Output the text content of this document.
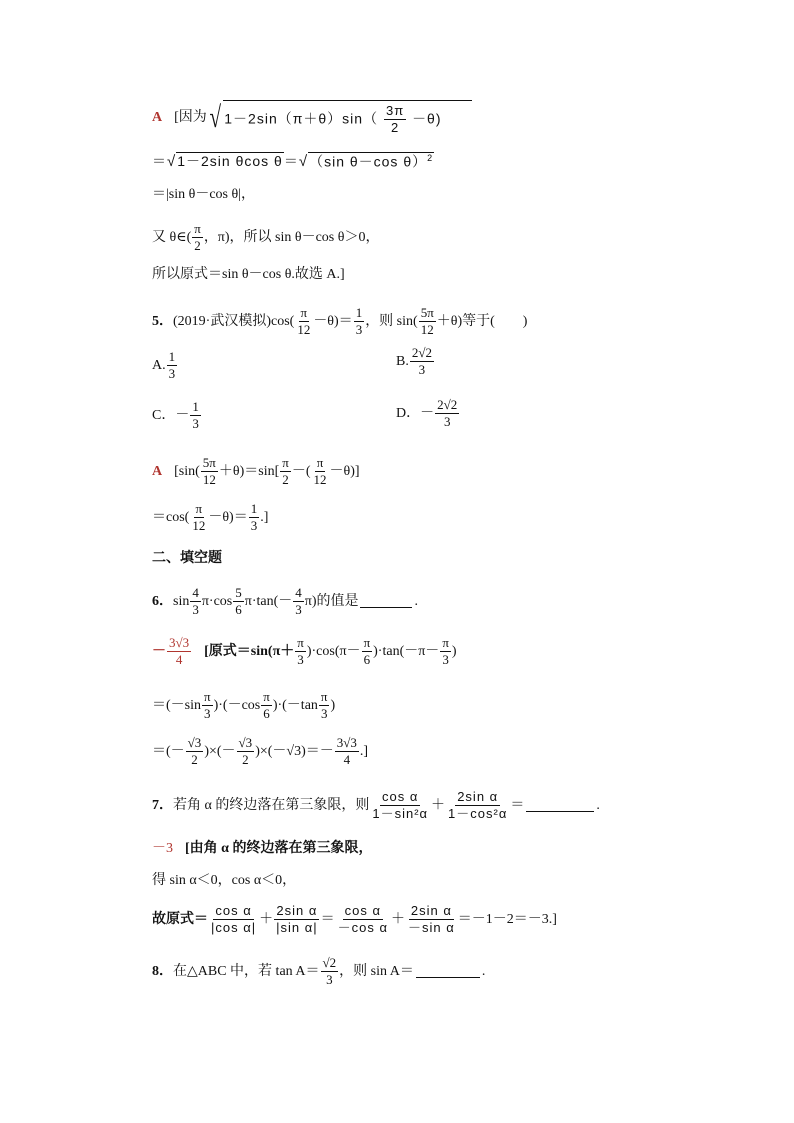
A [因为 √ $1-2\sin(\pi+\theta)\sin( \frac{3\pi}{2} -\theta)$
＝ √ 1－2sin θcos θ ＝ √ （sin θ－cos θ）$^2$
＝|sin θ－cos θ|，
又 θ∈(
π
2
，π)，所以 sin θ－cos θ＞0，
所以原式＝sin θ－cos θ.故选 A.]
5． (2019·武汉模拟)cos(
π
12
－θ)＝
1
3
，则 sin(
5π
12
＋θ)等于(　　)
A.
1
3
B.
2√2
3
C．－
1
3
D．－
2√2
3
A [sin(
5π
12
＋θ)＝sin[
π
2
－(
π
12
－θ)]
＝cos(
π
12
－θ)＝
1
3
.]
二、填空题
6． sin
4
3
π·cos
5
6
π·tan(－
4
3
π)的值是	.
－
3√3
4
[原式＝sin(π＋
π
3
)·cos(π－
π
6
)·tan(－π－
π
3
)
＝(－sin
π
3
)·(－cos
π
6
)·(－tan
π
3
)
＝(－
√3
2
)×(－
√3
2
)×(－√3)＝－
3√3
4
.]
7． 若角 α 的终边落在第三象限，则
cos α
1－sin²α
＋
2sin α
1－cos²α
＝	.
－3 [由角 α 的终边落在第三象限，
得 sin α＜0，cos α＜0，
故原式＝
cos α
|cos α|
＋
2sin α
|sin α|
＝
cos α
－cos α
＋
2sin α
－sin α
＝－1－2＝－3.]
8． 在△ABC 中，若 tan A＝
√2
3
，则 sin A＝	.
